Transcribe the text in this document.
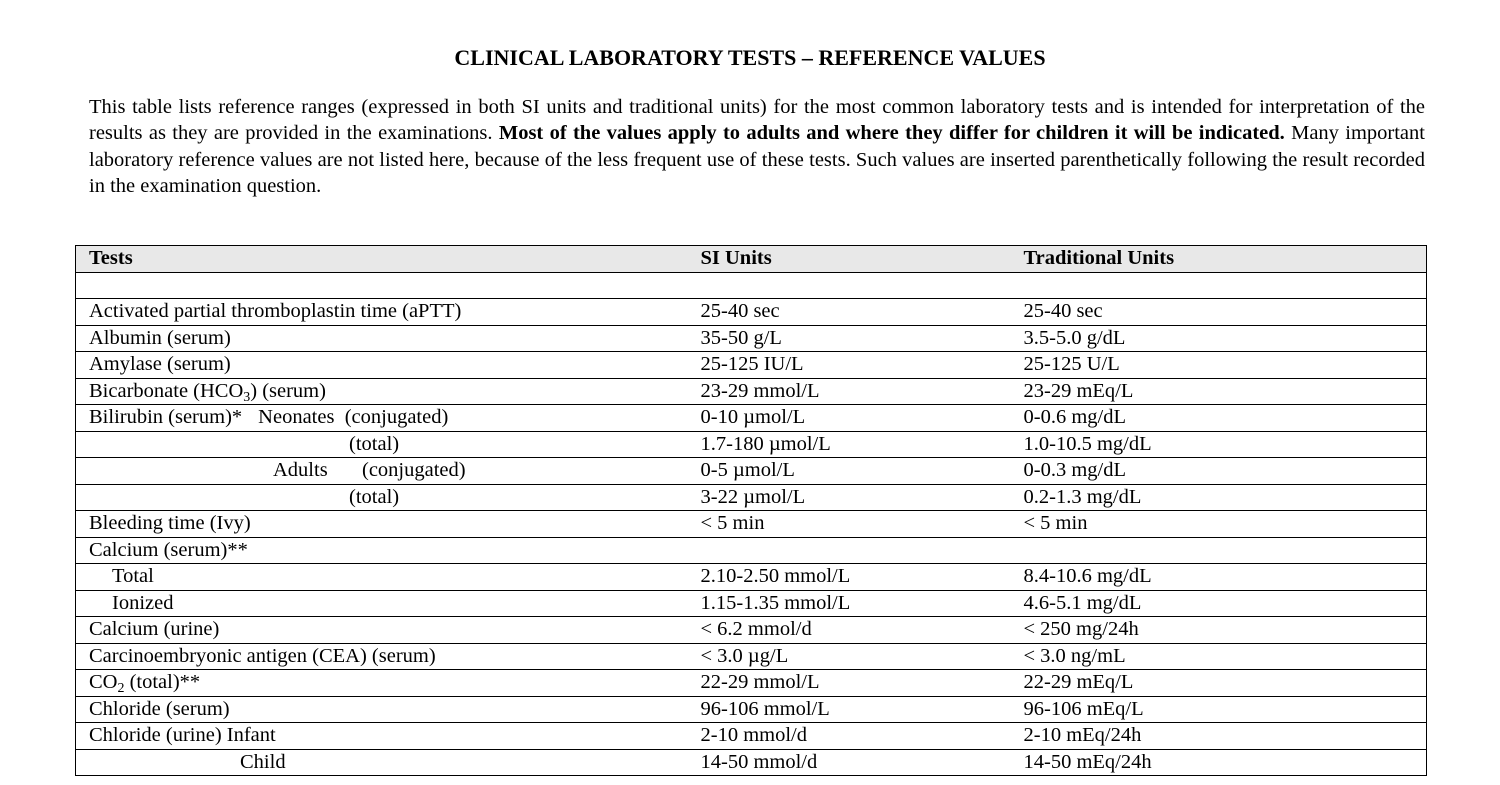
CLINICAL LABORATORY TESTS – REFERENCE VALUES

This table lists reference ranges (expressed in both SI units and traditional units) for the most common laboratory tests and is intended for interpretation of the results as they are provided in the examinations. Most of the values apply to adults and where they differ for children it will be indicated. Many important laboratory reference values are not listed here, because of the less frequent use of these tests. Such values are inserted parenthetically following the result recorded in the examination question.

Tests	SI Units	Traditional Units

Activated partial thromboplastin time (aPTT)	25-40 sec	25-40 sec
Albumin (serum)	35-50 g/L	3.5-5.0 g/dL
Amylase (serum)	25-125 IU/L	25-125 U/L
Bicarbonate $(HCO_3)$ (serum)	23-29 mmol/L	23-29 mEq/L
Bilirubin (serum)* Neonates (conjugated)	0-10 µmol/L	0-0.6 mg/dL
(total)	1.7-180 µmol/L	1.0-10.5 mg/dL
Adults (conjugated)	0-5 µmol/L	0-0.3 mg/dL
(total)	3-22 µmol/L	0.2-1.3 mg/dL
Bleeding time (Ivy)	< 5 min	< 5 min
Calcium (serum)**		
Total	2.10-2.50 mmol/L	8.4-10.6 mg/dL
Ionized	1.15-1.35 mmol/L	4.6-5.1 mg/dL
Calcium (urine)	< 6.2 mmol/d	< 250 mg/24h
Carcinoembryonic antigen (CEA) (serum)	< 3.0 µg/L	< 3.0 ng/mL
$CO_2$ (total)**	22-29 mmol/L	22-29 mEq/L
Chloride (serum)	96-106 mmol/L	96-106 mEq/L
Chloride (urine) Infant	2-10 mmol/d	2-10 mEq/24h
Child	14-50 mmol/d	14-50 mEq/24h
